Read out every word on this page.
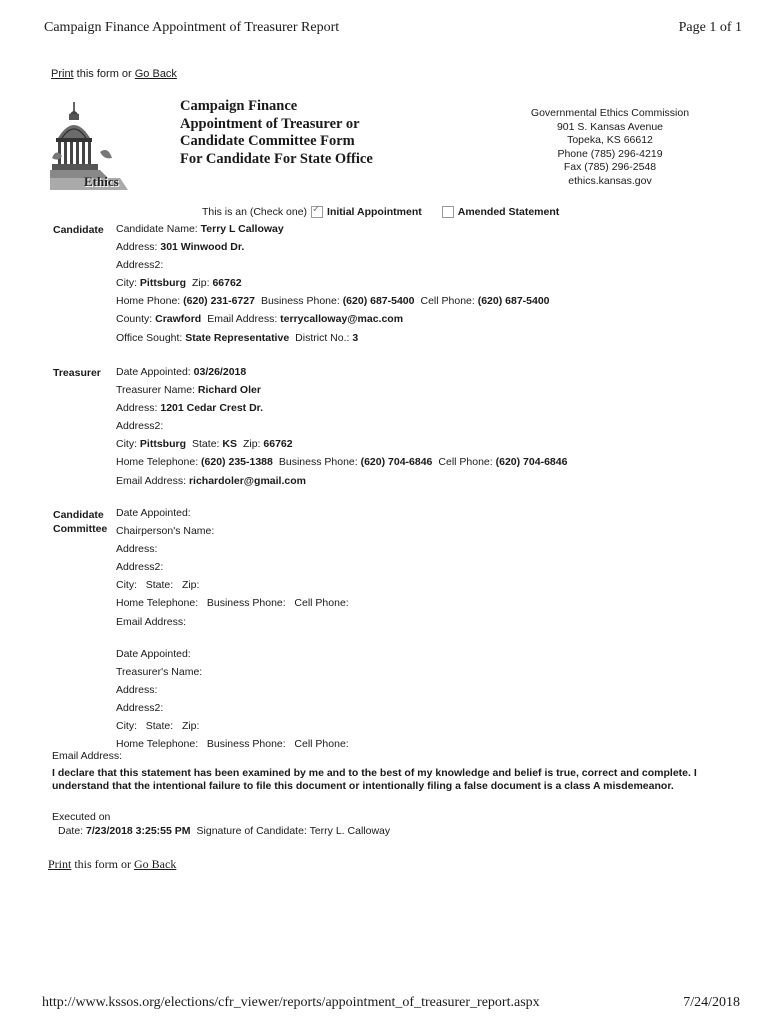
Campaign Finance Appointment of Treasurer Report	Page 1 of 1
Print this form or Go Back
Ethics
Campaign Finance
Appointment of Treasurer or
Candidate Committee Form
For Candidate For State Office
Governmental Ethics Commission
901 S. Kansas Avenue
Topeka, KS 66612
Phone (785) 296-4219
Fax (785) 296-2548
ethics.kansas.gov
This is an (Check one)
✓ Initial Appointment	Amended Statement
Candidate Candidate Name: Terry L Calloway
Address: 301 Winwood Dr.
Address2:
City: Pittsburg Zip: 66762
Home Phone: (620) 231-6727 Business Phone: (620) 687-5400 Cell Phone: (620) 687-5400
County: Crawford Email Address: terrycalloway@mac.com
Office Sought: State Representative District No.: 3
Treasurer Date Appointed: 03/26/2018
Treasurer Name: Richard Oler
Address: 1201 Cedar Crest Dr.
Address2:
City: Pittsburg State: KS Zip: 66762
Home Telephone: (620) 235-1388 Business Phone: (620) 704-6846 Cell Phone: (620) 704-6846
Email Address: richardoler@gmail.com
Candidate
Committee
Date Appointed:
Chairperson's Name:
Address:
Address2:
City:   State:   Zip:
Home Telephone:   Business Phone:   Cell Phone:
Email Address:
Date Appointed:
Treasurer's Name:
Address:
Address2:
City:   State:   Zip:
Home Telephone:   Business Phone:   Cell Phone:
Email Address:
I declare that this statement has been examined by me and to the best of my knowledge and belief is true, correct and complete. I understand that the intentional failure to file this document or intentionally filing a false document is a class A misdemeanor.
Executed on
Date: 7/23/2018 3:25:55 PM Signature of Candidate: Terry L. Calloway
Print this form or Go Back
http://www.kssos.org/elections/cfr_viewer/reports/appointment_of_treasurer_report.aspx	7/24/2018
